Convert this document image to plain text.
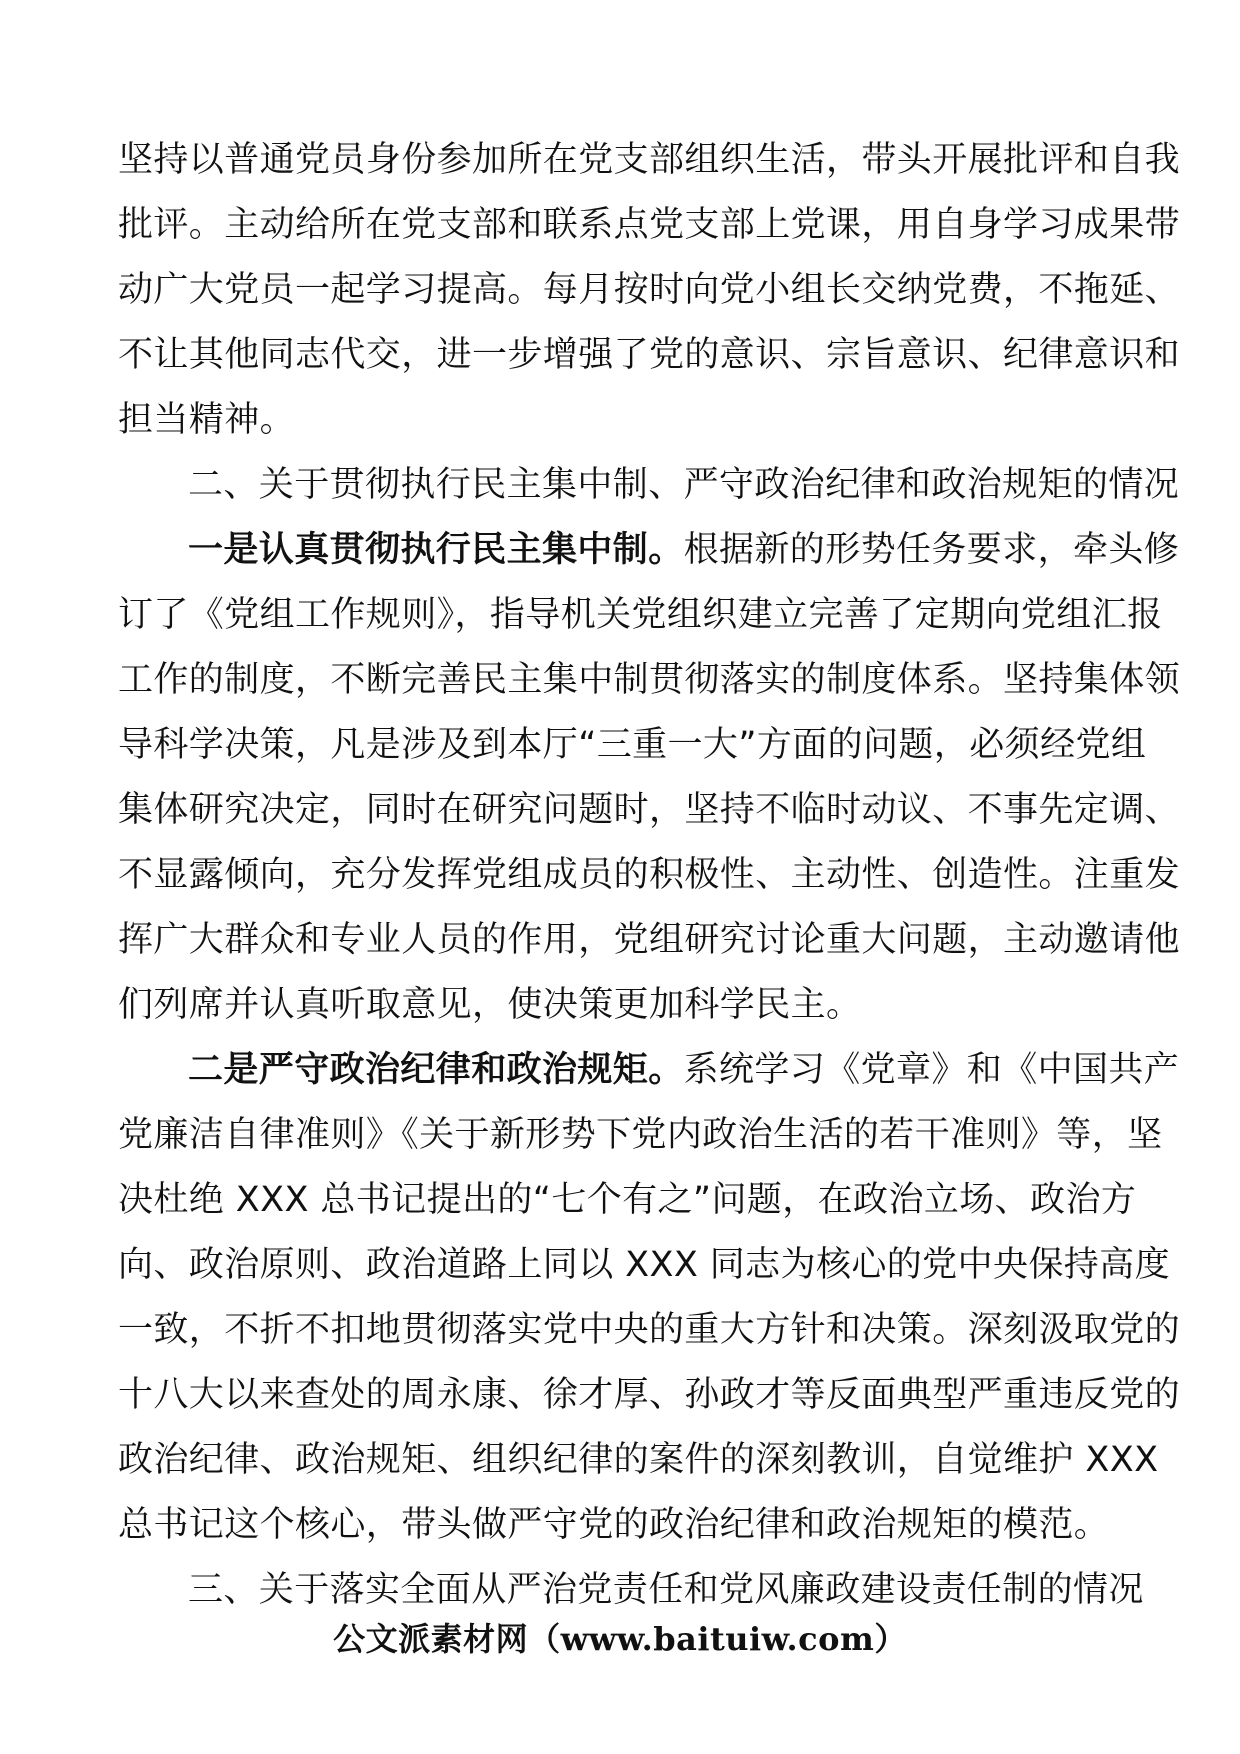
坚持以普通党员身份参加所在党支部组织生活，带头开展批评和自我
批评。主动给所在党支部和联系点党支部上党课，用自身学习成果带
动广大党员一起学习提高。每月按时向党小组长交纳党费，不拖延、
不让其他同志代交，进一步增强了党的意识、宗旨意识、纪律意识和
担当精神。
二、关于贯彻执行民主集中制、严守政治纪律和政治规矩的情况
一是认真贯彻执行民主集中制。根据新的形势任务要求，牵头修
订了《党组工作规则》，指导机关党组织建立完善了定期向党组汇报
工作的制度，不断完善民主集中制贯彻落实的制度体系。坚持集体领
导科学决策，凡是涉及到本厅“三重一大”方面的问题，必须经党组
集体研究决定，同时在研究问题时，坚持不临时动议、不事先定调、
不显露倾向，充分发挥党组成员的积极性、主动性、创造性。注重发
挥广大群众和专业人员的作用，党组研究讨论重大问题，主动邀请他
们列席并认真听取意见，使决策更加科学民主。
二是严守政治纪律和政治规矩。系统学习《党章》和《中国共产
党廉洁自律准则》《关于新形势下党内政治生活的若干准则》等，坚
决杜绝 XXX 总书记提出的“七个有之”问题，在政治立场、政治方
向、政治原则、政治道路上同以 XXX 同志为核心的党中央保持高度
一致，不折不扣地贯彻落实党中央的重大方针和决策。深刻汲取党的
十八大以来查处的周永康、徐才厚、孙政才等反面典型严重违反党的
政治纪律、政治规矩、组织纪律的案件的深刻教训，自觉维护 XXX
总书记这个核心，带头做严守党的政治纪律和政治规矩的模范。
三、关于落实全面从严治党责任和党风廉政建设责任制的情况
公文派素材网（www.baituiw.com）
